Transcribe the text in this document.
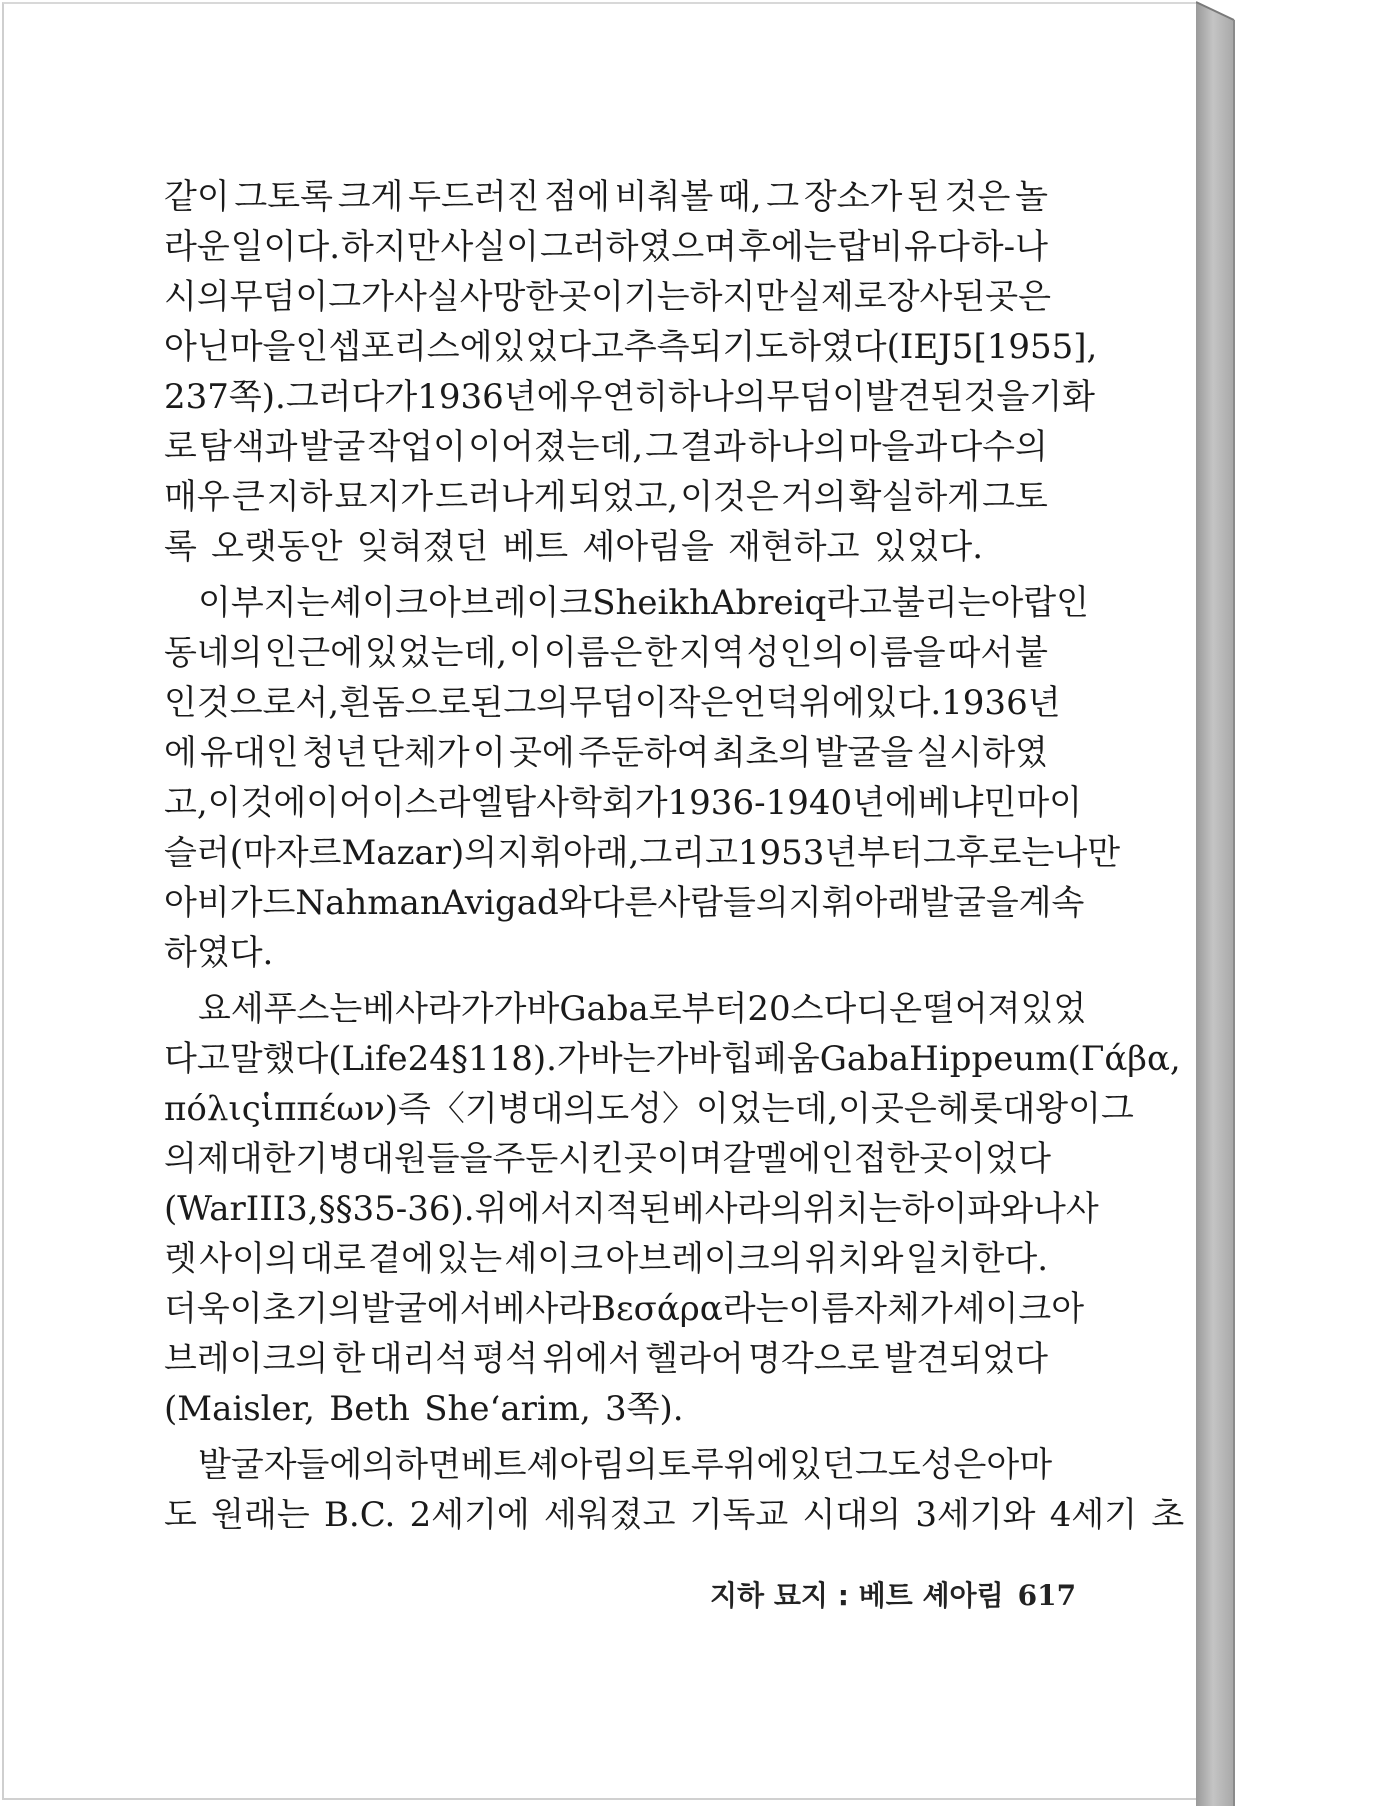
같이 그토록 크게 두드러진 점에 비춰볼 때, 그 장소가 된 것은 놀
라운 일이다. 하지만 사실이 그러하였으며 후에는 랍비 유다 하-나
시의 무덤이 그가 사실 사망한 곳이기는 하지만 실제로 장사된 곳은
아닌 마을인 셉포리스에 있었다고 추측되기도 하였다(IEJ 5 [1955],
237쪽). 그러다가 1936년에 우연히 하나의 무덤이 발견된 것을 기화
로 탐색과 발굴 작업이 이어졌는데, 그 결과 하나의 마을과 다수의
매우 큰 지하 묘지가 드러나게 되었고, 이것은 거의 확실하게 그토
록 오랫동안 잊혀졌던 베트 셰아림을 재현하고 있었다.
이 부지는 셰이크 아브레이크 Sheikh Abreiq라고 불리는 아랍인
동네의 인근에 있었는데, 이 이름은 한 지역 성인의 이름을 따서 붙
인 것으로서, 흰 돔으로 된 그의 무덤이 작은 언덕 위에 있다. 1936년
에 유대인 청년 단체가 이 곳에 주둔하여 최초의 발굴을 실시하였
고, 이것에 이어 이스라엘 탐사 학회가 1936-1940년에 베냐민 마이
슬러(마자르 Mazar)의 지휘 아래, 그리고 1953년부터 그 후로는 나만
아비가드 Nahman Avigad와 다른 사람들의 지휘 아래 발굴을 계속
하였다.
요세푸스는 베사라가 가바 Gaba로부터 20스다디온 떨어져 있었
다고 말했다(Life 24 §118). 가바는 가바 힙페움 Gaba Hippeum (Γάβα,
πόλις ἱππέων) 즉 〈기병대의 도성〉이었는데, 이 곳은 헤롯 대왕이 그
의 제대한 기병 대원들을 주둔시킨 곳이며 갈멜에 인접한 곳이었다
(War III 3, §§35-36). 위에서 지적된 베사라의 위치는 하이파와 나사
렛 사이의 대로 곁에 있는 셰이크 아브레이크의 위치와 일치한다.
더욱이 초기의 발굴에서 베사라 Βεσάρα라는 이름 자체가 셰이크 아
브레이크의 한 대리석 평석 위에서 헬라어 명각으로 발견되었다
(Maisler, Beth She‘arim, 3쪽).
발굴자들에 의하면 베트 셰아림의 토루 위에 있던 그 도성은 아마
도 원래는 B.C. 2세기에 세워졌고 기독교 시대의 3세기와 4세기 초
지하 묘지 : 베트 셰아림 617
